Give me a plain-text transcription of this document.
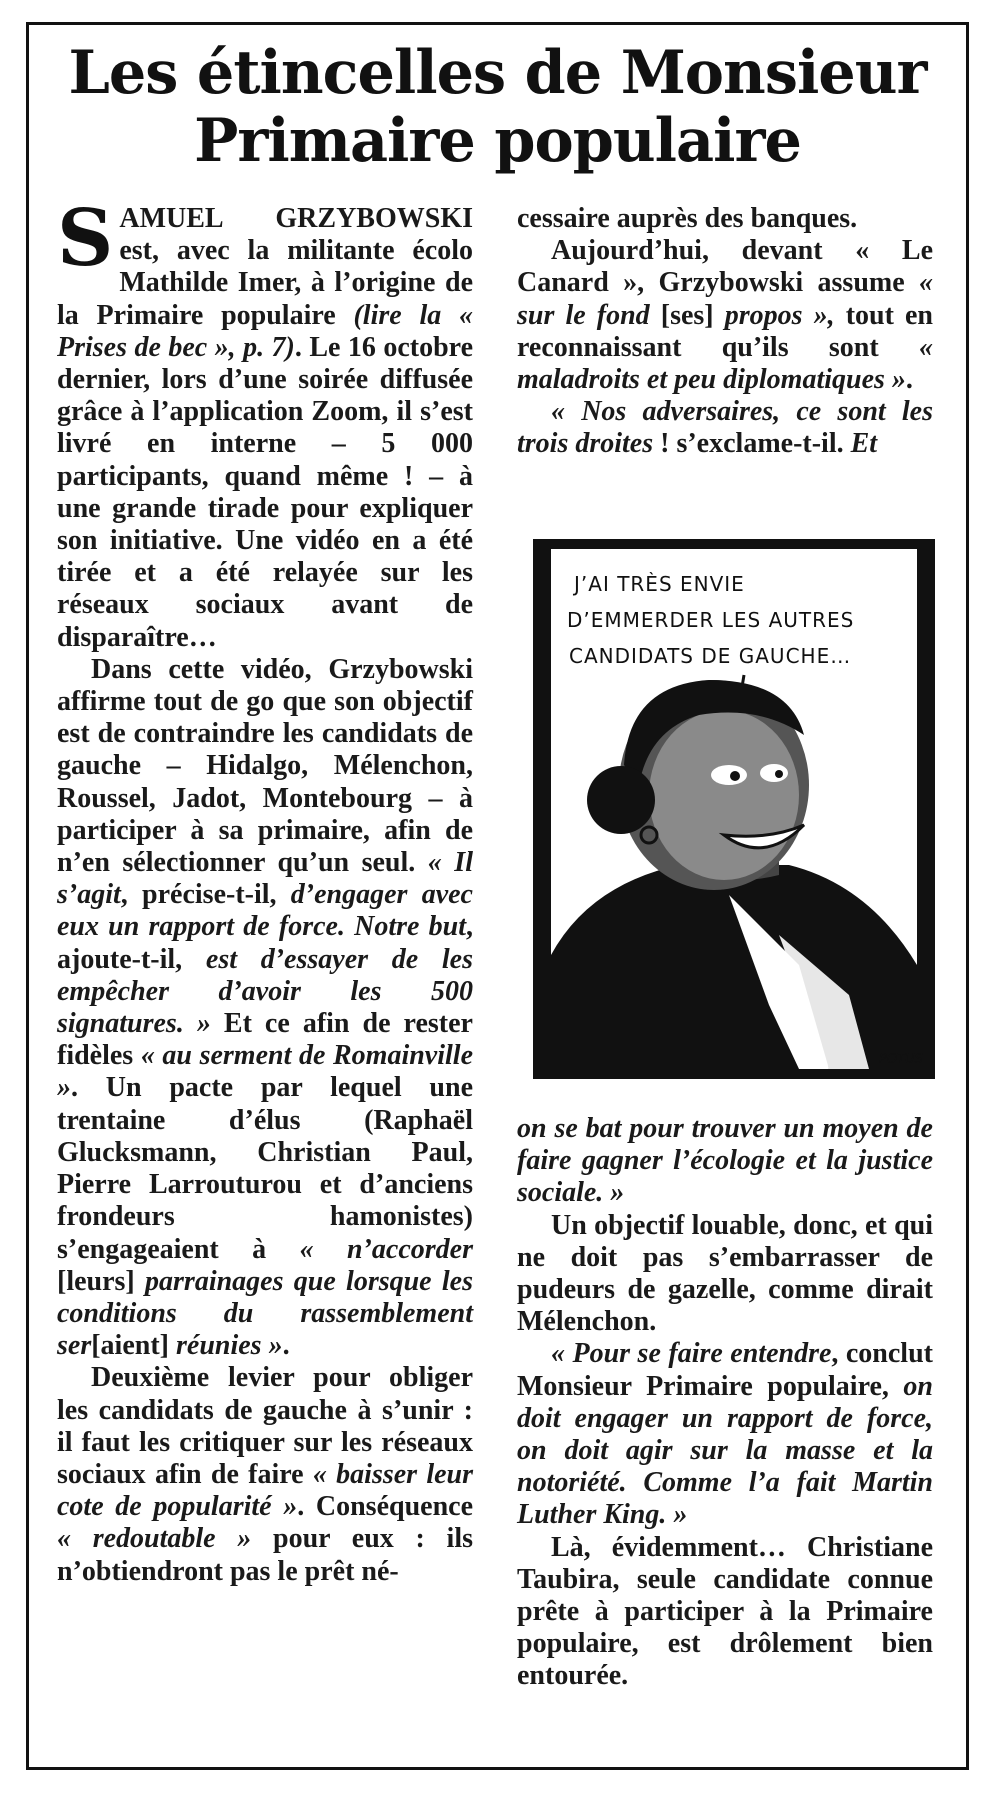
Les étincelles de Monsieur
Primaire populaire

SAMUEL GRZYBOWSKI est, avec la militante écolo Mathilde Imer, à l’origine de la Primaire populaire (lire la « Prises de bec », p. 7). Le 16 octobre dernier, lors d’une soirée diffusée grâce à l’application Zoom, il s’est livré en interne – 5 000 participants, quand même ! – à une grande tirade pour expliquer son initiative. Une vidéo en a été tirée et a été relayée sur les réseaux sociaux avant de disparaître…

Dans cette vidéo, Grzybowski affirme tout de go que son objectif est de contraindre les candidats de gauche – Hidalgo, Mélenchon, Roussel, Jadot, Montebourg – à participer à sa primaire, afin de n’en sélectionner qu’un seul. « Il s’agit, précise-t-il, d’engager avec eux un rapport de force. Notre but, ajoute-t-il, est d’essayer de les empêcher d’avoir les 500 signatures. » Et ce afin de rester fidèles « au serment de Romainville ». Un pacte par lequel une trentaine d’élus (Raphaël Glucksmann, Christian Paul, Pierre Larrouturou et d’anciens frondeurs hamonistes) s’engageaient à « n’accorder [leurs] parrainages que lorsque les conditions du rassemblement ser[aient] réunies ».

Deuxième levier pour obliger les candidats de gauche à s’unir : il faut les critiquer sur les réseaux sociaux afin de faire « baisser leur cote de popularité ». Conséquence « redoutable » pour eux : ils n’obtiendront pas le prêt né-

cessaire auprès des banques.

Aujourd’hui, devant « Le Canard », Grzybowski assume « sur le fond [ses] propos », tout en reconnaissant qu’ils sont « maladroits et peu diplomatiques ».

« Nos adversaires, ce sont les trois droites ! s’exclame-t-il. Et

J’AI TRÈS ENVIE
D’EMMERDER LES AUTRES
CANDIDATS DE GAUCHE…
POTUS

on se bat pour trouver un moyen de faire gagner l’écologie et la justice sociale. »

Un objectif louable, donc, et qui ne doit pas s’embarrasser de pudeurs de gazelle, comme dirait Mélenchon.

« Pour se faire entendre, conclut Monsieur Primaire populaire, on doit engager un rapport de force, on doit agir sur la masse et la notoriété. Comme l’a fait Martin Luther King. »

Là, évidemment… Christiane Taubira, seule candidate connue prête à participer à la Primaire populaire, est drôlement bien entourée.
